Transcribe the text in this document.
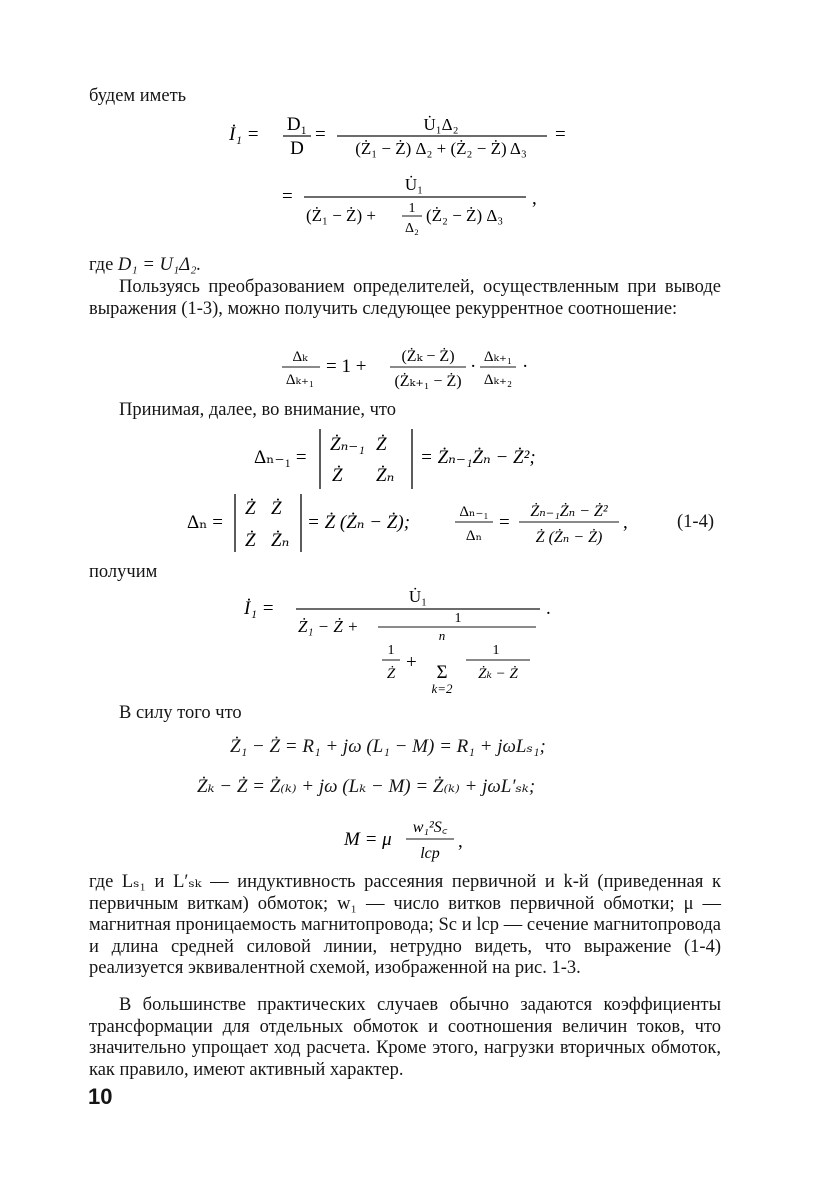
будем иметь
İ₁ = D₁
D
=	U̇₁Δ₂
(Ż₁ − Ż) Δ₂ + (Ż₂ − Ż) Δ₃
=
=
U̇₁
(Ż₁ − Ż) + 1
Δ₂
(Ż₂ − Ż) Δ₃
,
где D₁ = U₁Δ₂.

Пользуясь преобразованием определителей, осуществленным при выводе выражения (1-3), можно получить следующее рекуррентное соотношение:

Δₖ
Δₖ₊₁
= 1 + (Żₖ − Ż)
(Żₖ₊₁ − Ż)
· Δₖ₊₁
Δₖ₊₂
·
Принимая, далее, во внимание, что
Δₙ₋₁ =
Żₙ₋₁ Ż
Ż Żₙ
= Żₙ₋₁Żₙ − Ż²;
Δₙ =
Ż Ż
Ż Żₙ
= Ż (Żₙ − Ż);	Δₙ₋₁
Δₙ
=
Żₙ₋₁Żₙ − Ż²
Ż (Żₙ − Ż)
,	(1-4)
получим
İ₁ =
U̇₁
Ż₁ − Ż +	1
1
Ż
+
n
Σ
k=2
1
Żₖ − Ż
.
В силу того что
Ż₁ − Ż = R₁ + jω (L₁ − M) = R₁ + jωLₛ₁;
Żₖ − Ż = Ż₍ₖ₎ + jω (Lₖ − M) = Ż₍ₖ₎ + jωL′ₛₖ;
M = μ
w₁²S꜀
lср
,

где Lₛ₁ и L′ₛₖ — индуктивность рассеяния первичной и k-й (приведенная к первичным виткам) обмоток; w₁ — число витков первичной обмотки; μ — магнитная проницаемость магнитопровода; Sc и lср — сечение магнитопровода и длина средней силовой линии, нетрудно видеть, что выражение (1-4) реализуется эквивалентной схемой, изображенной на рис. 1-3.

В большинстве практических случаев обычно задаются коэффициенты трансформации для отдельных обмоток и соотношения величин токов, что значительно упрощает ход расчета. Кроме этого, нагрузки вторичных обмоток, как правило, имеют активный характер.

10
